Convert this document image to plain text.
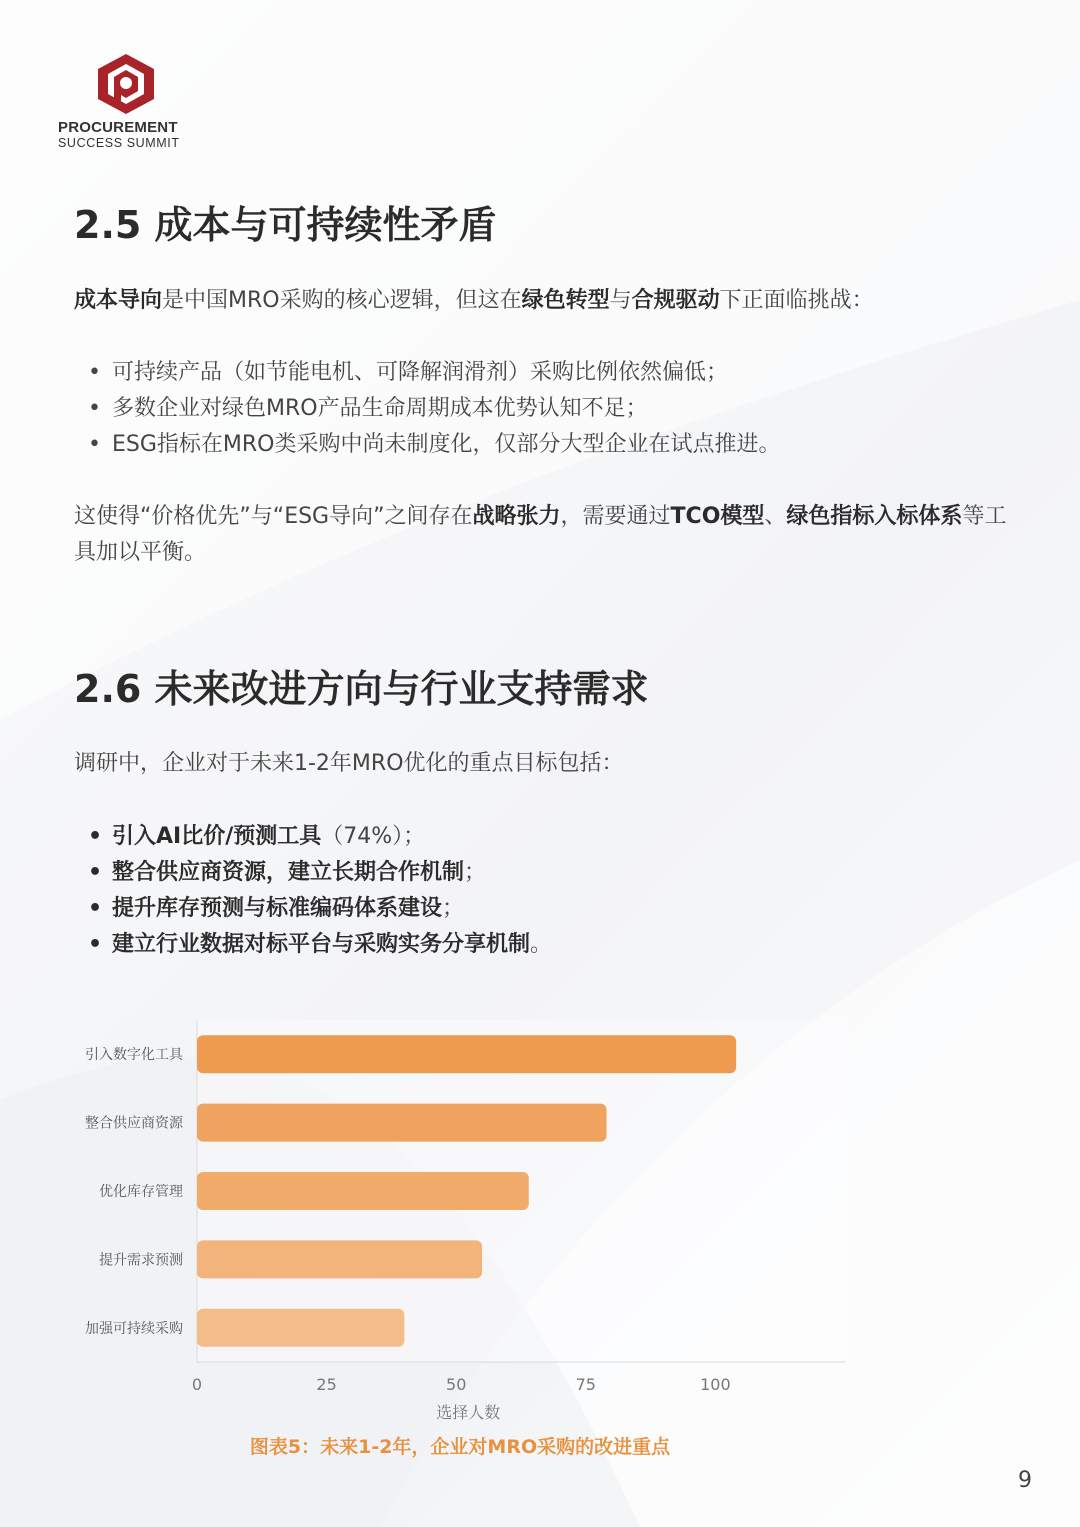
PROCUREMENT
SUCCESS SUMMIT
2.5 成本与可持续性矛盾

成本导向是中国MRO采购的核心逻辑，但这在绿色转型与合规驱动下正面临挑战：

• 可持续产品（如节能电机、可降解润滑剂）采购比例依然偏低；
• 多数企业对绿色MRO产品生命周期成本优势认知不足；
• ESG指标在MRO类采购中尚未制度化，仅部分大型企业在试点推进。

这使得“价格优先”与“ESG导向”之间存在战略张力，需要通过TCO模型、绿色指标入标体系等工具加以平衡。

2.6 未来改进方向与行业支持需求

调研中，企业对于未来1-2年MRO优化的重点目标包括：

• 引入AI比价/预测工具（74%）；
• 整合供应商资源，建立长期合作机制；
• 提升库存预测与标准编码体系建设；
• 建立行业数据对标平台与采购实务分享机制。
引入数字化工具
整合供应商资源
优化库存管理
提升需求预测
加强可持续采购
0	25	50	75	100
选择人数
图表5：未来1-2年，企业对MRO采购的改进重点
9
